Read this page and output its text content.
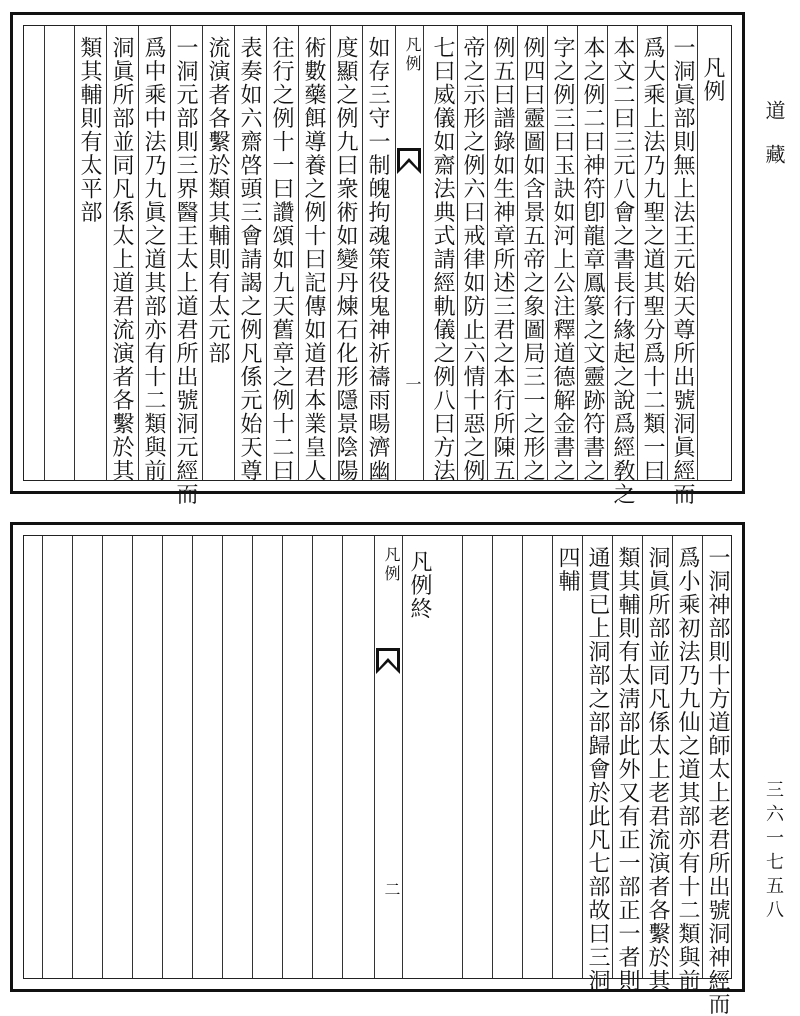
道藏
三六一七五八
凡例
一洞眞部則無上法王元始天尊所出號洞眞經而
爲大乘上法乃九聖之道其聖分爲十二類一曰
本文二曰三元八會之書長行緣起之說爲經敎之
本之例二曰神符卽龍章鳳篆之文靈跡符書之
字之例三曰玉訣如河上公注釋道德解金書之
例四曰靈圖如含景五帝之象圖局三一之形之
例五曰譜錄如生神章所述三君之本行所陳五
帝之示形之例六曰戒律如防止六情十惡之例
七曰威儀如齋法典式請經軌儀之例八曰方法
凡例
一
如存三守一制魄拘魂策役鬼神祈禱雨暘濟幽
度顯之例九曰衆術如變丹煉石化形隱景陰陽
術數藥餌導養之例十曰記傳如道君本業皇人
往行之例十一曰讚頌如九天舊章之例十二曰
表奏如六齋啓頭三會請謁之例凡係元始天尊
流演者各繫於類其輔則有太元部
一洞元部則三界醫王太上道君所出號洞元經而
爲中乘中法乃九眞之道其部亦有十二類與前
洞眞所部並同凡係太上道君流演者各繫於其
類其輔則有太平部
一洞神部則十方道師太上老君所出號洞神經而
爲小乘初法乃九仙之道其部亦有十二類與前
洞眞所部並同凡係太上老君流演者各繫於其
類其輔則有太淸部此外又有正一部正一者則
通貫已上洞部之部歸會於此凡七部故曰三洞
四輔
凡例終
凡例
二
